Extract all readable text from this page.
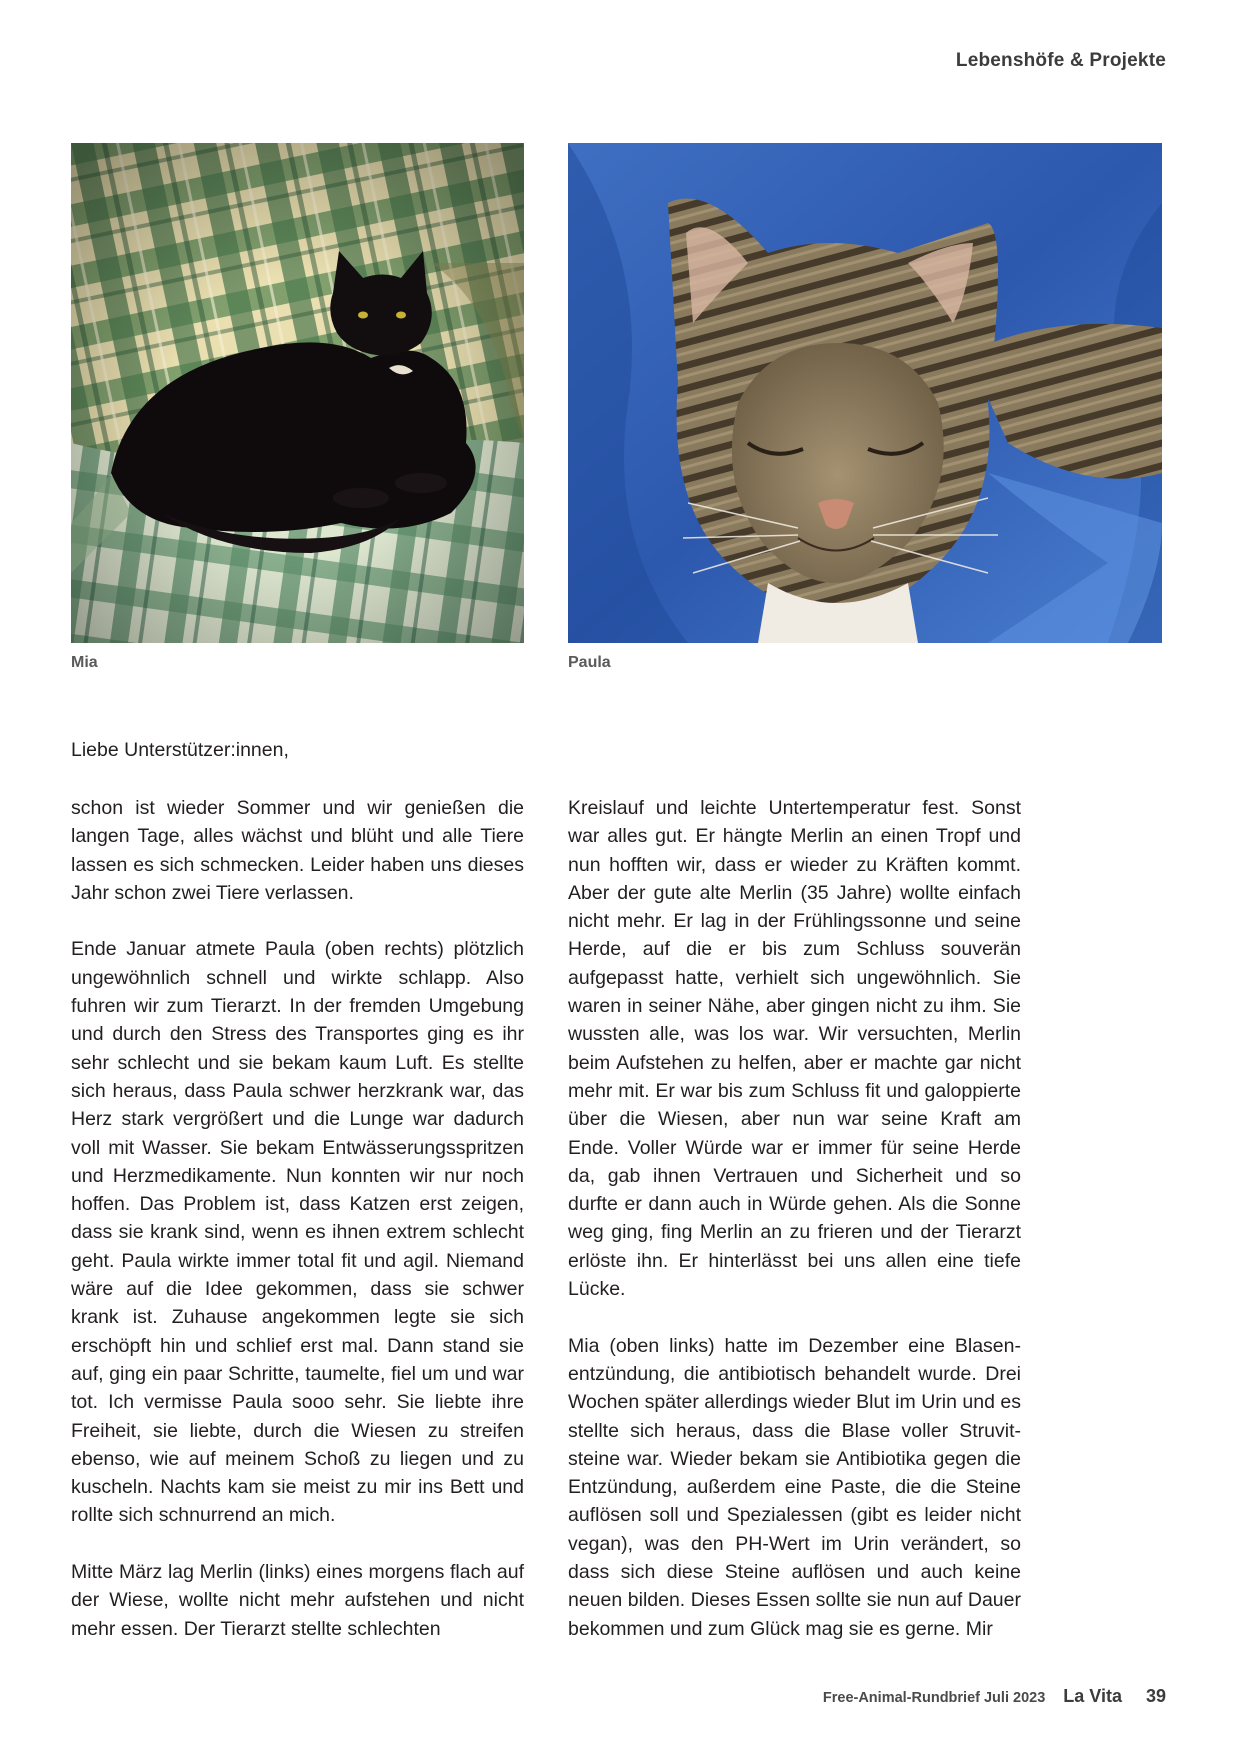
Lebenshöfe & Projekte
Mia	Paula
Liebe Unterstützer:innen,

schon ist wieder Sommer und wir genießen die langen Tage, alles wächst und blüht und alle Tiere lassen es sich schmecken. Leider haben uns dieses Jahr schon zwei Tiere verlassen.

Ende Januar atmete Paula (oben rechts) plötzlich ungewöhnlich schnell und wirkte schlapp. Also fuhren wir zum Tierarzt. In der fremden Umgebung und durch den Stress des Transportes ging es ihr sehr schlecht und sie bekam kaum Luft. Es stellte sich heraus, dass Paula schwer herzkrank war, das Herz stark vergrößert und die Lunge war dadurch voll mit Wasser. Sie bekam Entwässerungsspritzen und Herzmedikamente. Nun konnten wir nur noch hoffen. Das Problem ist, dass Katzen erst zeigen, dass sie krank sind, wenn es ihnen extrem schlecht geht. Paula wirkte immer total fit und agil. Niemand wäre auf die Idee gekommen, dass sie schwer krank ist. Zuhause angekommen legte sie sich erschöpft hin und schlief erst mal. Dann stand sie auf, ging ein paar Schritte, taumelte, fiel um und war tot. Ich vermisse Paula sooo sehr. Sie liebte ihre Freiheit, sie liebte, durch die Wiesen zu streifen ebenso, wie auf meinem Schoß zu liegen und zu kuscheln. Nachts kam sie meist zu mir ins Bett und rollte sich schnurrend an mich.

Mitte März lag Merlin (links) eines morgens flach auf der Wiese, wollte nicht mehr aufstehen und nicht mehr essen. Der Tierarzt stellte schlechten

Kreislauf und leichte Untertemperatur fest. Sonst war alles gut. Er hängte Merlin an einen Tropf und nun hofften wir, dass er wieder zu Kräften kommt. Aber der gute alte Merlin (35 Jahre) wollte einfach nicht mehr. Er lag in der Frühlingssonne und seine Herde, auf die er bis zum Schluss souverän aufgepasst hatte, verhielt sich ungewöhnlich. Sie waren in seiner Nähe, aber gingen nicht zu ihm. Sie wussten alle, was los war. Wir versuchten, Merlin beim Aufstehen zu helfen, aber er machte gar nicht mehr mit. Er war bis zum Schluss fit und galoppierte über die Wiesen, aber nun war seine Kraft am Ende. Voller Würde war er immer für seine Herde da, gab ihnen Vertrauen und Sicherheit und so durfte er dann auch in Würde gehen. Als die Sonne weg ging, fing Merlin an zu frieren und der Tierarzt erlöste ihn. Er hinterlässt bei uns allen eine tiefe Lücke.

Mia (oben links) hatte im Dezember eine Blasenentzündung, die antibiotisch behandelt wurde. Drei Wochen später allerdings wieder Blut im Urin und es stellte sich heraus, dass die Blase voller Struvit-steine war. Wieder bekam sie Antibiotika gegen die Entzündung, außerdem eine Paste, die die Steine auflösen soll und Spezialessen (gibt es leider nicht vegan), was den PH-Wert im Urin verändert, so dass sich diese Steine auflösen und auch keine neuen bilden. Dieses Essen sollte sie nun auf Dauer bekommen und zum Glück mag sie es gerne. Mir

Free-Animal-Rundbrief Juli 2023 La Vita 39
